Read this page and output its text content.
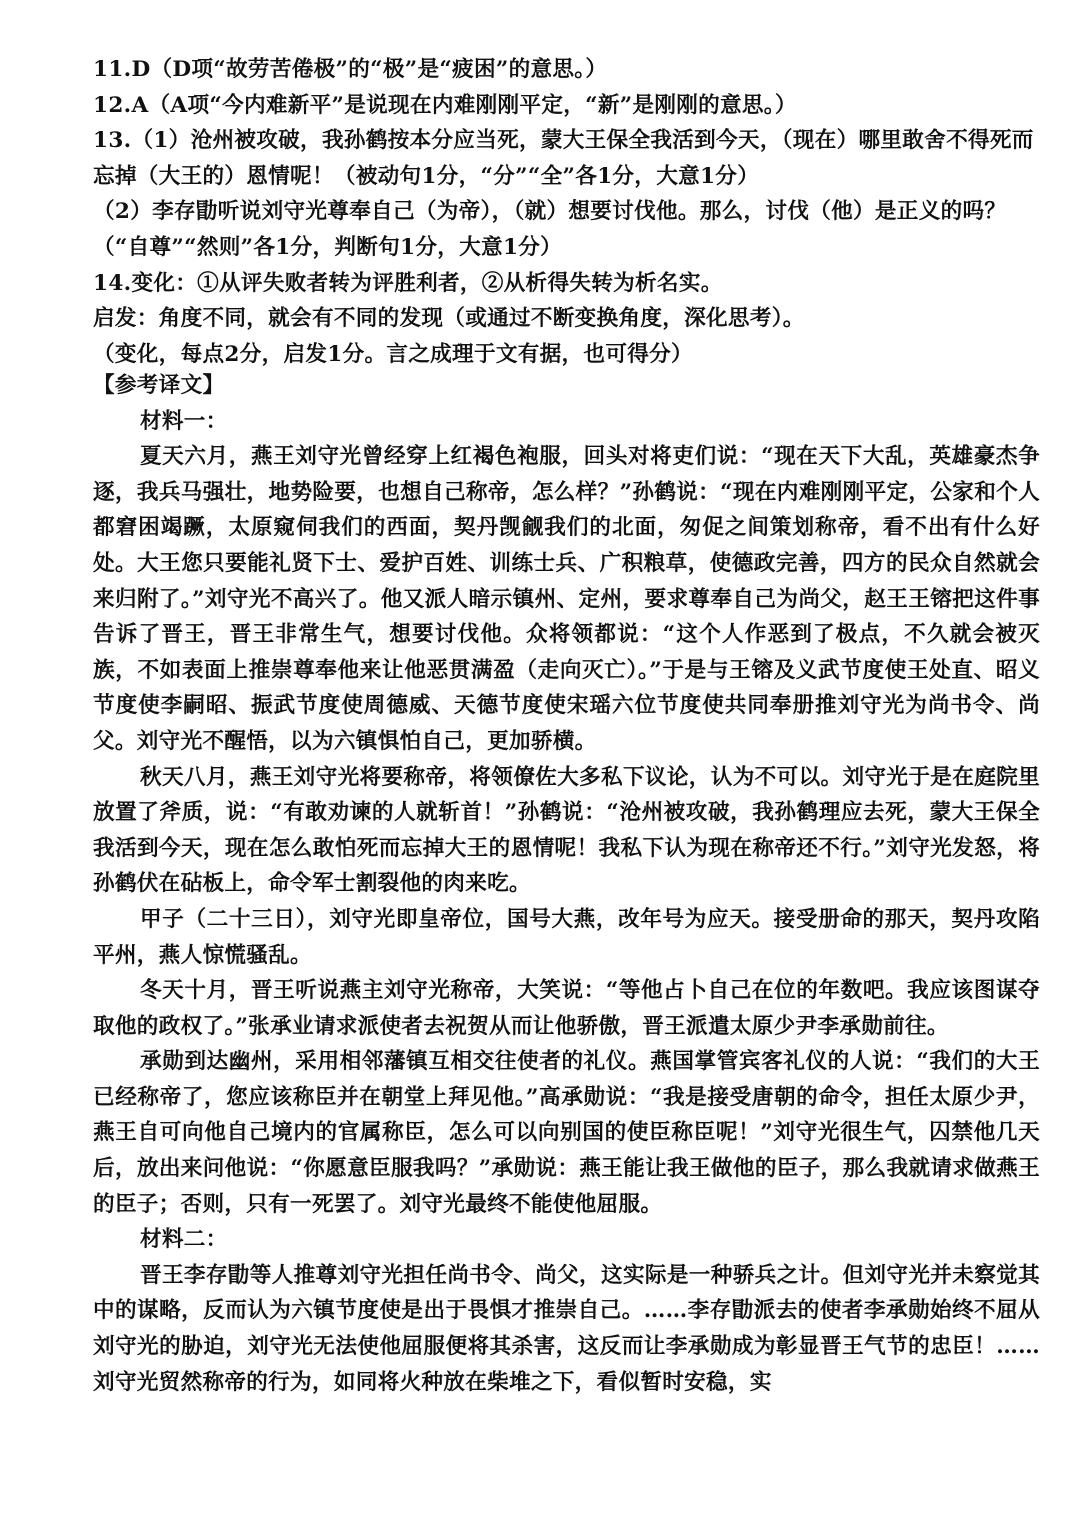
11.D（D项“故劳苦倦极”的“极”是“疲困”的意思。）

12.A（A项“今内难新平”是说现在内难刚刚平定，“新”是刚刚的意思。）

13.（1）沧州被攻破，我孙鹤按本分应当死，蒙大王保全我活到今天，（现在）哪里敢舍不得死而忘掉（大王的）恩情呢！（被动句1分，“分”“全”各1分，大意1分）

（2）李存勖听说刘守光尊奉自己（为帝），（就）想要讨伐他。那么，讨伐（他）是正义的吗？（“自尊”“然则”各1分，判断句1分，大意1分）

14.变化：①从评失败者转为评胜利者，②从析得失转为析名实。

启发：角度不同，就会有不同的发现（或通过不断变换角度，深化思考）。

（变化，每点2分，启发1分。言之成理于文有据，也可得分）

【参考译文】

材料一：

夏天六月，燕王刘守光曾经穿上红褐色袍服，回头对将吏们说：“现在天下大乱，英雄豪杰争逐，我兵马强壮，地势险要，也想自己称帝，怎么样？”孙鹤说：“现在内难刚刚平定，公家和个人都窘困竭蹶，太原窥伺我们的西面，契丹觊觎我们的北面，匆促之间策划称帝，看不出有什么好处。大王您只要能礼贤下士、爱护百姓、训练士兵、广积粮草，使德政完善，四方的民众自然就会来归附了。”刘守光不高兴了。他又派人暗示镇州、定州，要求尊奉自己为尚父，赵王王镕把这件事告诉了晋王，晋王非常生气，想要讨伐他。众将领都说：“这个人作恶到了极点，不久就会被灭族，不如表面上推崇尊奉他来让他恶贯满盈（走向灭亡）。”于是与王镕及义武节度使王处直、昭义节度使李嗣昭、振武节度使周德威、天德节度使宋瑶六位节度使共同奉册推刘守光为尚书令、尚父。刘守光不醒悟，以为六镇惧怕自己，更加骄横。

秋天八月，燕王刘守光将要称帝，将领僚佐大多私下议论，认为不可以。刘守光于是在庭院里放置了斧质，说：“有敢劝谏的人就斩首！”孙鹤说：“沧州被攻破，我孙鹤理应去死，蒙大王保全我活到今天，现在怎么敢怕死而忘掉大王的恩情呢！我私下认为现在称帝还不行。”刘守光发怒，将孙鹤伏在砧板上，命令军士割裂他的肉来吃。

甲子（二十三日），刘守光即皇帝位，国号大燕，改年号为应天。接受册命的那天，契丹攻陷平州，燕人惊慌骚乱。

冬天十月，晋王听说燕主刘守光称帝，大笑说：“等他占卜自己在位的年数吧。我应该图谋夺取他的政权了。”张承业请求派使者去祝贺从而让他骄傲，晋王派遣太原少尹李承勋前往。

承勋到达幽州，采用相邻藩镇互相交往使者的礼仪。燕国掌管宾客礼仪的人说：“我们的大王已经称帝了，您应该称臣并在朝堂上拜见他。”高承勋说：“我是接受唐朝的命令，担任太原少尹，燕王自可向他自己境内的官属称臣，怎么可以向别国的使臣称臣呢！”刘守光很生气，囚禁他几天后，放出来问他说：“你愿意臣服我吗？”承勋说：燕王能让我王做他的臣子，那么我就请求做燕王的臣子；否则，只有一死罢了。刘守光最终不能使他屈服。

材料二：

晋王李存勖等人推尊刘守光担任尚书令、尚父，这实际是一种骄兵之计。但刘守光并未察觉其中的谋略，反而认为六镇节度使是出于畏惧才推崇自己。……李存勖派去的使者李承勋始终不屈从刘守光的胁迫，刘守光无法使他屈服便将其杀害，这反而让李承勋成为彰显晋王气节的忠臣！……刘守光贸然称帝的行为，如同将火种放在柴堆之下，看似暂时安稳，实
